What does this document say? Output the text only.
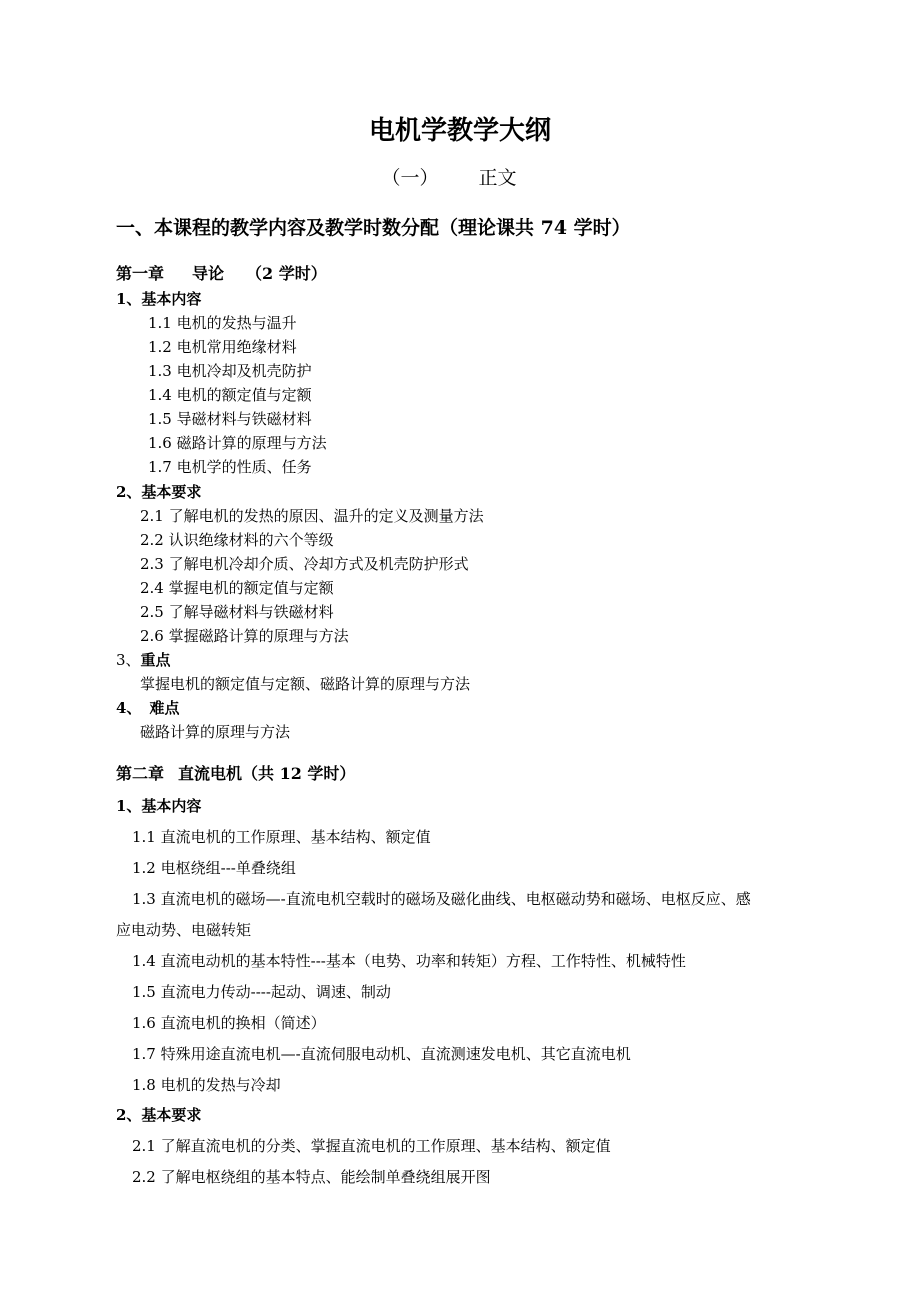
电机学教学大纲
（一） 正文
一、本课程的教学内容及教学时数分配（理论课共 74 学时）
第一章 导论 （2 学时）
1、基本内容
1.1 电机的发热与温升
1.2 电机常用绝缘材料
1.3 电机冷却及机壳防护
1.4 电机的额定值与定额
1.5 导磁材料与铁磁材料
1.6 磁路计算的原理与方法
1.7 电机学的性质、任务
2、基本要求
2.1 了解电机的发热的原因、温升的定义及测量方法
2.2 认识绝缘材料的六个等级
2.3 了解电机冷却介质、冷却方式及机壳防护形式
2.4 掌握电机的额定值与定额
2.5 了解导磁材料与铁磁材料
2.6 掌握磁路计算的原理与方法
3、重点
掌握电机的额定值与定额、磁路计算的原理与方法
4、 难点
磁路计算的原理与方法
第二章 直流电机（共 12 学时）
1、基本内容
1.1 直流电机的工作原理、基本结构、额定值
1.2 电枢绕组---单叠绕组
1.3 直流电机的磁场—-直流电机空载时的磁场及磁化曲线、电枢磁动势和磁场、电枢反应、感
应电动势、电磁转矩
1.4 直流电动机的基本特性---基本（电势、功率和转矩）方程、工作特性、机械特性
1.5 直流电力传动----起动、调速、制动
1.6 直流电机的换相（简述）
1.7 特殊用途直流电机—-直流伺服电动机、直流测速发电机、其它直流电机
1.8 电机的发热与冷却
2、基本要求
2.1 了解直流电机的分类、掌握直流电机的工作原理、基本结构、额定值
2.2 了解电枢绕组的基本特点、能绘制单叠绕组展开图
